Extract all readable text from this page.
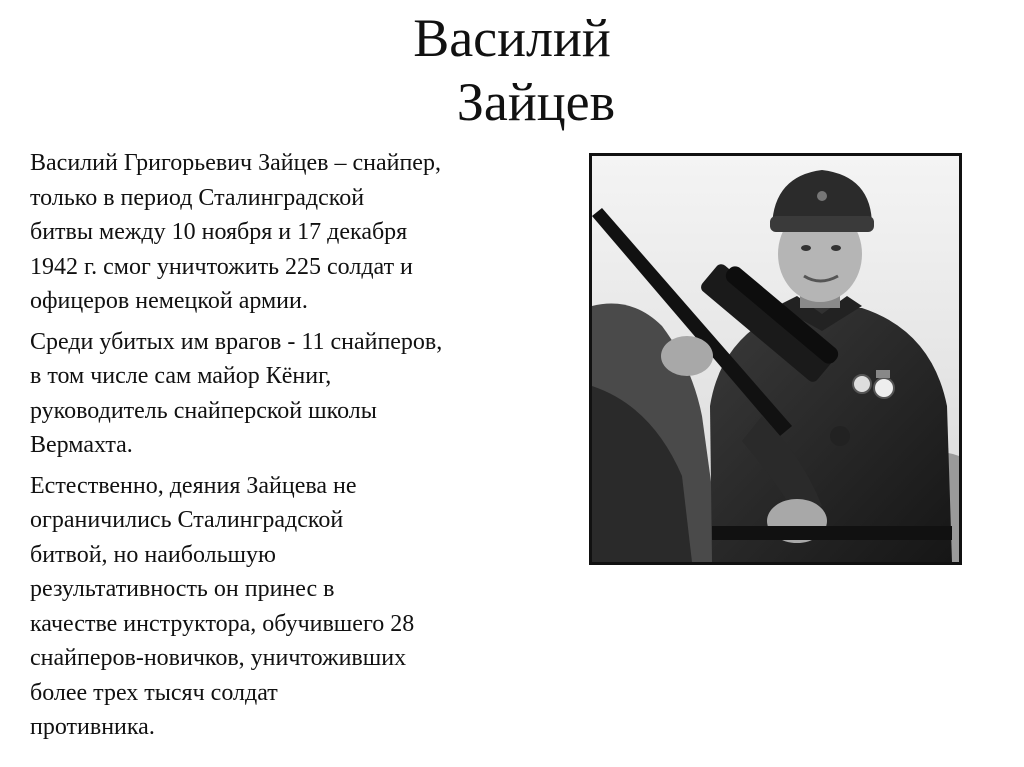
Василий
Зайцев

Василий Григорьевич Зайцев – снайпер,
только в период Сталинградской
битвы между 10 ноября и 17 декабря
1942 г. смог уничтожить 225 солдат и
офицеров немецкой армии.

Среди убитых им врагов - 11 снайперов,
в том числе сам майор Кёниг,
руководитель снайперской школы
Вермахта.

Естественно, деяния Зайцева не
ограничились Сталинградской
битвой, но наибольшую
результативность он принес в
качестве инструктора, обучившего 28
снайперов-новичков, уничтоживших
более трех тысяч солдат
противника.
